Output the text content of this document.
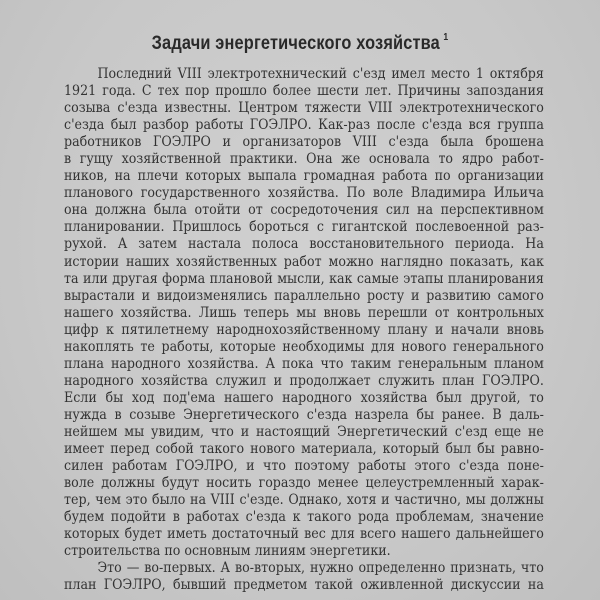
Задачи энергетического хозяйства $^1$
Последний VIII электротехнический с'езд имел место 1 октября
1921 года. С тех пор прошло более шести лет. Причины запоздания
созыва с'езда известны. Центром тяжести VIII электротехнического
с'езда был разбор работы ГОЭЛРО. Как-раз после с'езда вся группа
работников ГОЭЛРО и организаторов VIII с'езда была брошена
в гущу хозяйственной практики. Она же основала то ядро работ-
ников, на плечи которых выпала громадная работа по организации
планового государственного хозяйства. По воле Владимира Ильича
она должна была отойти от сосредоточения сил на перспективном
планировании. Пришлось бороться с гигантской послевоенной раз-
рухой. А затем настала полоса восстановительного периода. На
истории наших хозяйственных работ можно наглядно показать, как
та или другая форма плановой мысли, как самые этапы планирования
вырастали и видоизменялись параллельно росту и развитию самого
нашего хозяйства. Лишь теперь мы вновь перешли от контрольных
цифр к пятилетнему народнохозяйственному плану и начали вновь
накоплять те работы, которые необходимы для нового генерального
плана народного хозяйства. А пока что таким генеральным планом
народного хозяйства служил и продолжает служить план ГОЭЛРО.
Если бы ход под'ема нашего народного хозяйства был другой, то
нужда в созыве Энергетического с'езда назрела бы ранее. В даль-
нейшем мы увидим, что и настоящий Энергетический с'езд еще не
имеет перед собой такого нового материала, который был бы равно-
силен работам ГОЭЛРО, и что поэтому работы этого с'езда поне-
воле должны будут носить гораздо менее целеустремленный харак-
тер, чем это было на VIII с'езде. Однако, хотя и частично, мы должны
будем подойти в работах с'езда к такого рода проблемам, значение
которых будет иметь достаточный вес для всего нашего дальнейшего
строительства по основным линиям энергетики.
Это — во-первых. А во-вторых, нужно определенно признать, что
план ГОЭЛРО, бывший предметом такой оживленной дискуссии на
